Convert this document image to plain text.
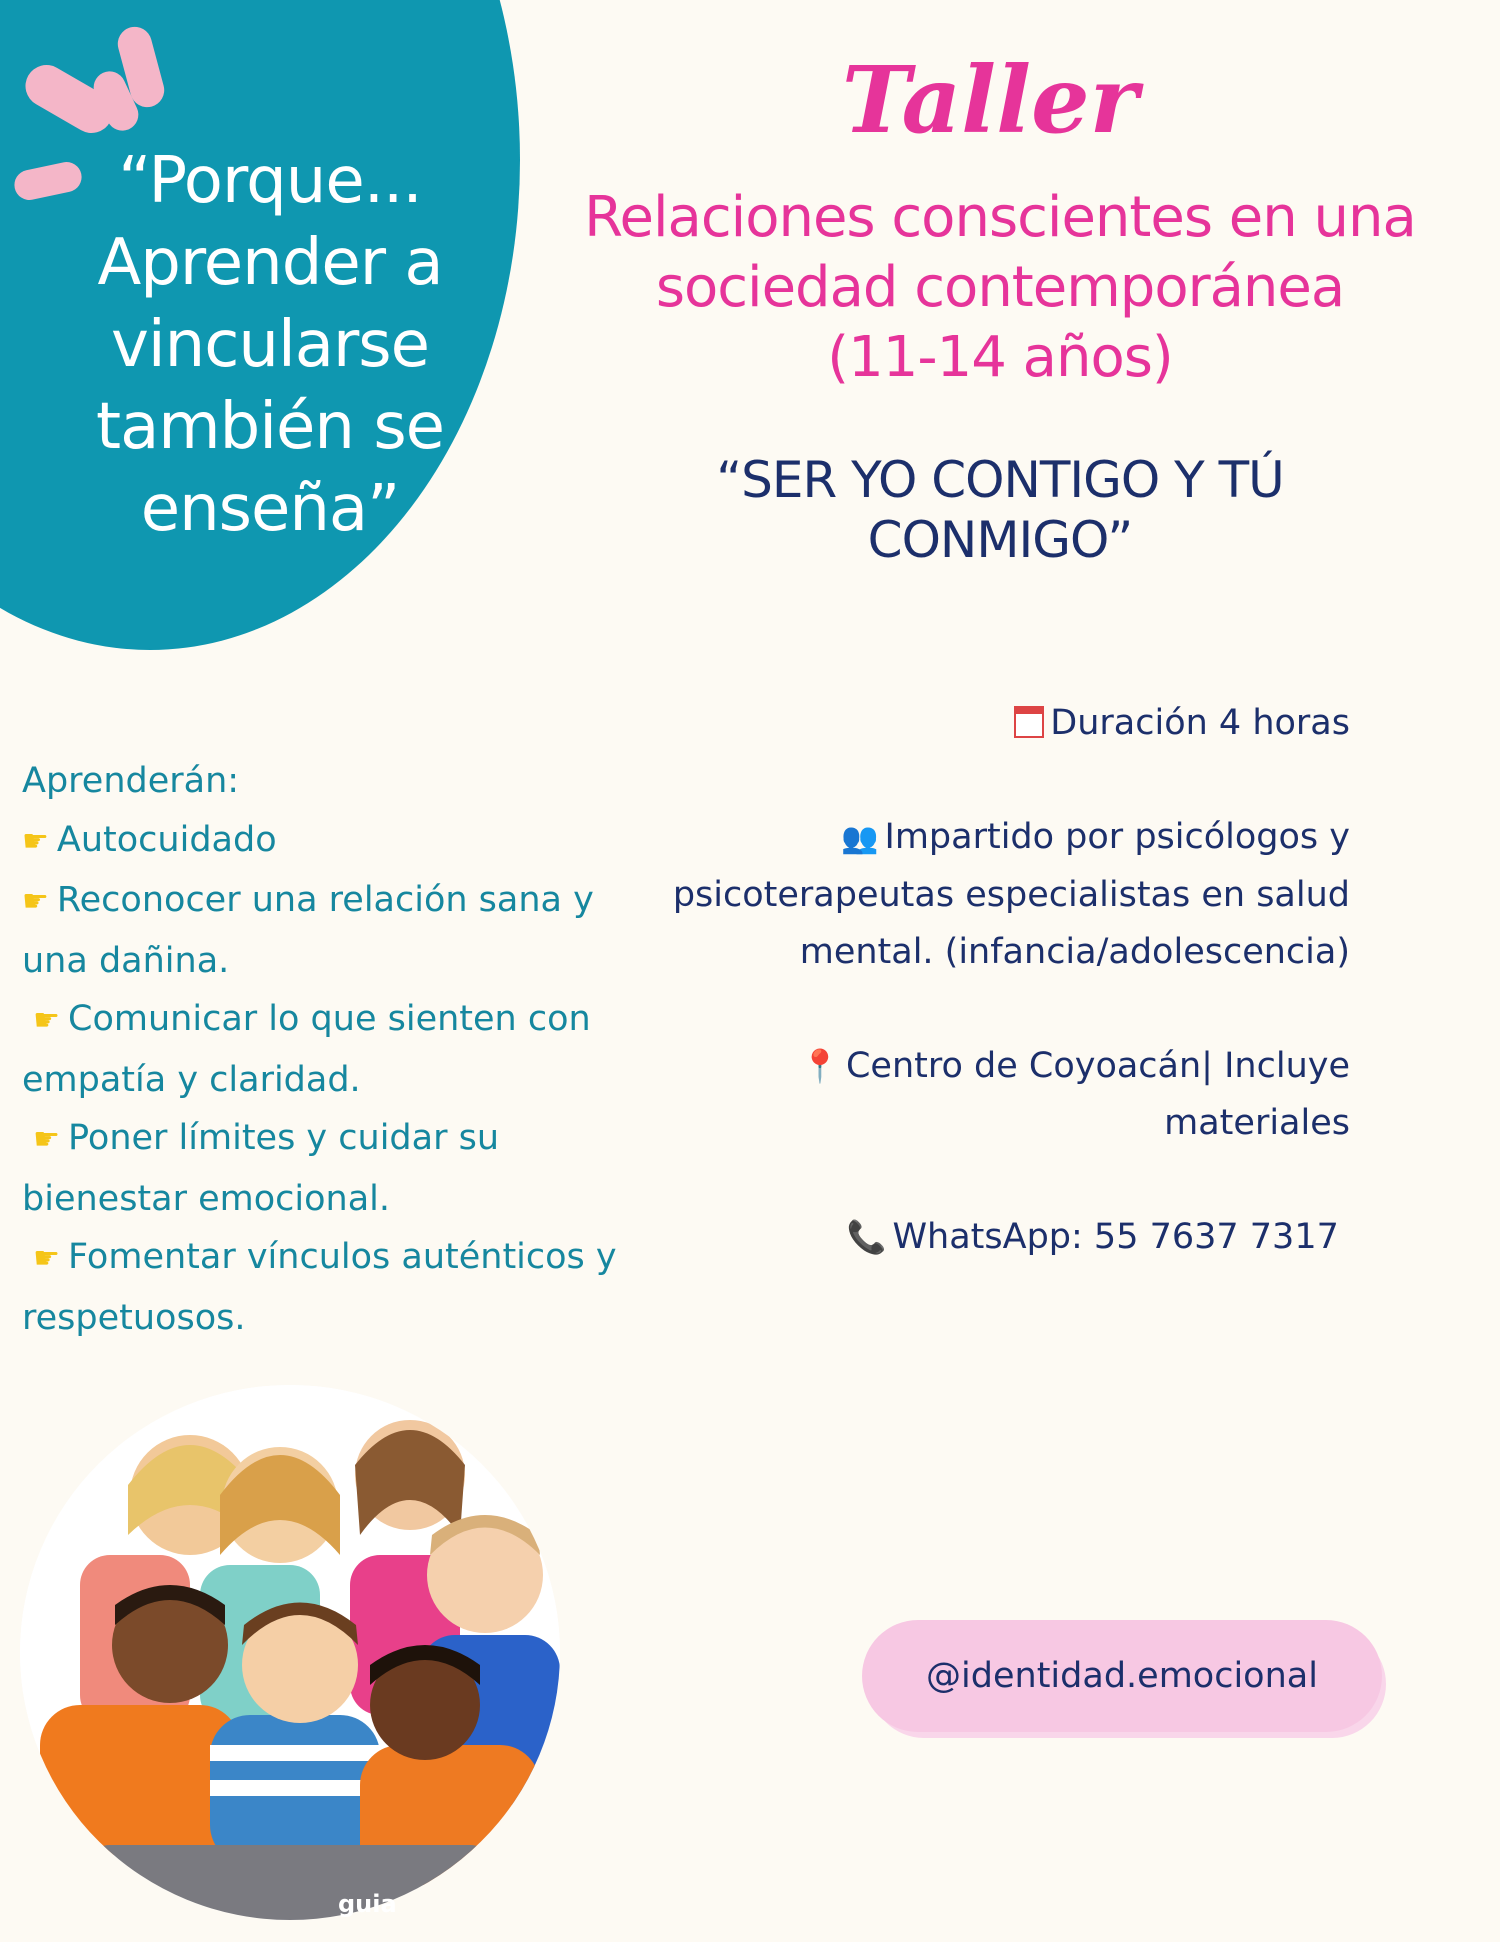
“Porque...
Aprender a
vincularse
también se
enseña”
Taller
Relaciones conscientes en una
sociedad contemporánea
(11-14 años)
“SER YO CONTIGO Y TÚ
CONMIGO”
Aprenderán:
☛ Autocuidado
☛ Reconocer una relación sana y
una dañina.
☛ Comunicar lo que sienten con
empatía y claridad.
☛ Poner límites y cuidar su
bienestar emocional.
☛ Fomentar vínculos auténticos y
respetuosos.
Duración 4 horas
👥 Impartido por psicólogos y
psicoterapeutas especialistas en salud
mental. (infancia/adolescencia)
📍 Centro de Coyoacán| Incluye
materiales
📞 WhatsApp: 55 7637 7317
guia
@identidad.emocional
